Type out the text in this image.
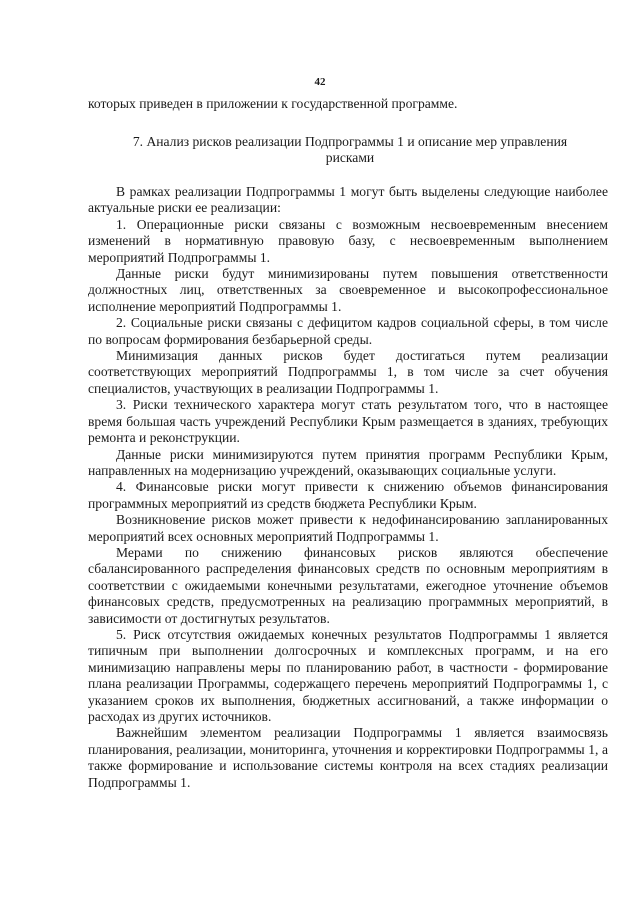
42
которых приведен в приложении к государственной программе.
7. Анализ рисков реализации Подпрограммы 1 и описание мер управления рисками

В рамках реализации Подпрограммы 1 могут быть выделены следующие наиболее актуальные риски ее реализации:

1. Операционные риски связаны с возможным несвоевременным внесением изменений в нормативную правовую базу, с несвоевременным выполнением мероприятий Подпрограммы 1.

Данные риски будут минимизированы путем повышения ответственности должностных лиц, ответственных за своевременное и высокопрофессиональное исполнение мероприятий Подпрограммы 1.

2. Социальные риски связаны с дефицитом кадров социальной сферы, в том числе по вопросам формирования безбарьерной среды.

Минимизация данных рисков будет достигаться путем реализации соответствующих мероприятий Подпрограммы 1, в том числе за счет обучения специалистов, участвующих в реализации Подпрограммы 1.

3. Риски технического характера могут стать результатом того, что в настоящее время большая часть учреждений Республики Крым размещается в зданиях, требующих ремонта и реконструкции.

Данные риски минимизируются путем принятия программ Республики Крым, направленных на модернизацию учреждений, оказывающих социальные услуги.

4. Финансовые риски могут привести к снижению объемов финансирования программных мероприятий из средств бюджета Республики Крым.

Возникновение рисков может привести к недофинансированию запланированных мероприятий всех основных мероприятий Подпрограммы 1.

Мерами по снижению финансовых рисков являются обеспечение сбалансированного распределения финансовых средств по основным мероприятиям в соответствии с ожидаемыми конечными результатами, ежегодное уточнение объемов финансовых средств, предусмотренных на реализацию программных мероприятий, в зависимости от достигнутых результатов.

5. Риск отсутствия ожидаемых конечных результатов Подпрограммы 1 является типичным при выполнении долгосрочных и комплексных программ, и на его минимизацию направлены меры по планированию работ, в частности - формирование плана реализации Программы, содержащего перечень мероприятий Подпрограммы 1, с указанием сроков их выполнения, бюджетных ассигнований, а также информации о расходах из других источников.

Важнейшим элементом реализации Подпрограммы 1 является взаимосвязь планирования, реализации, мониторинга, уточнения и корректировки Подпрограммы 1, а также формирование и использование системы контроля на всех стадиях реализации Подпрограммы 1.
